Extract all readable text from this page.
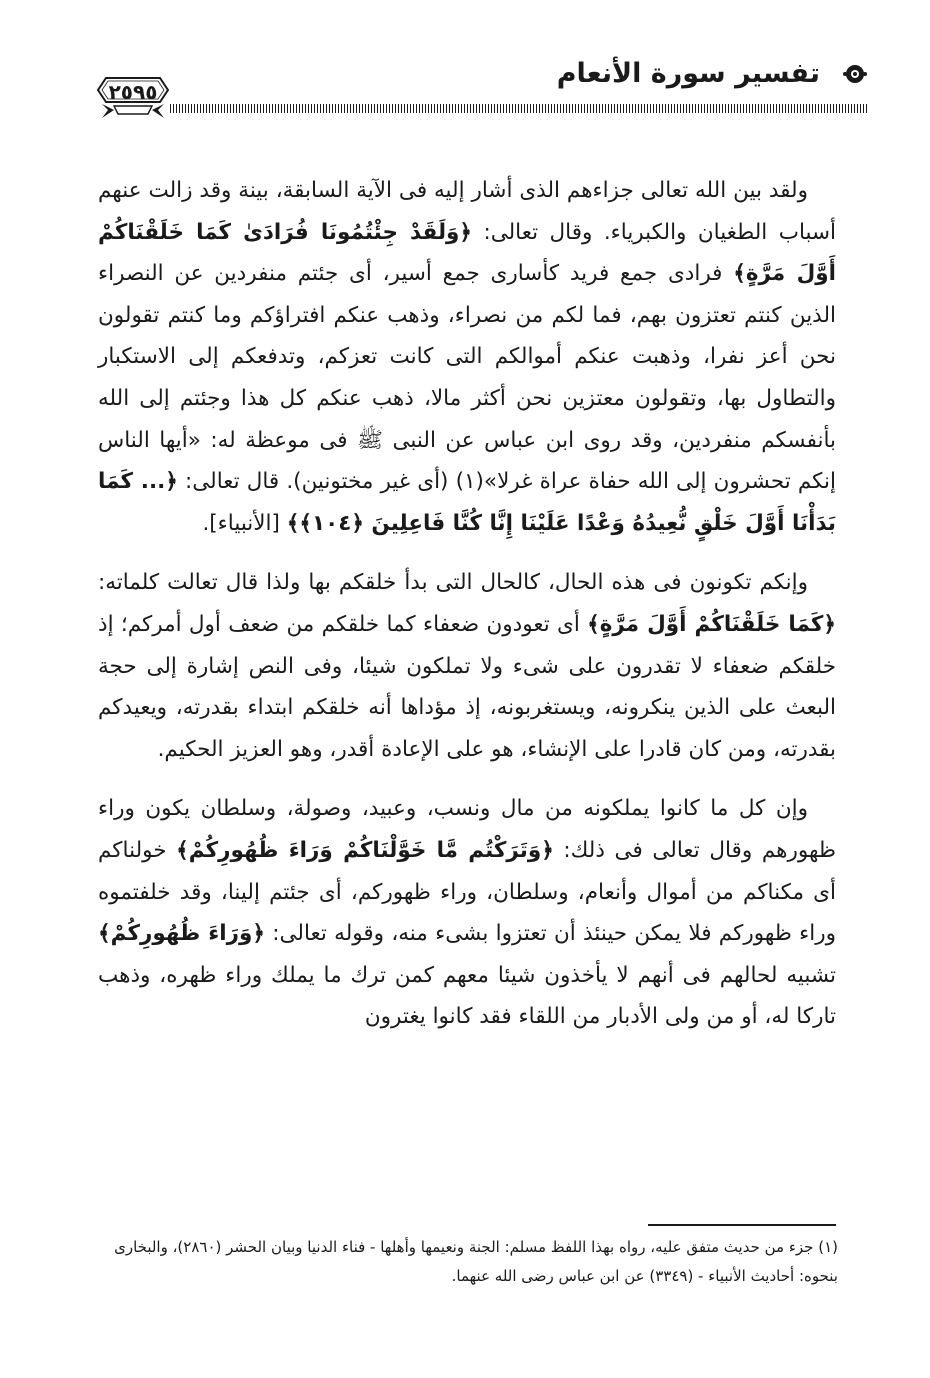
تفسير سورة الأنعام
٢٥٩٥

ولقد بين الله تعالى جزاءهم الذى أشار إليه فى الآية السابقة، بينة وقد زالت عنهم أسباب الطغيان والكبرياء. وقال تعالى: ﴿وَلَقَدْ جِئْتُمُونَا فُرَادَىٰ كَمَا خَلَقْنَاكُمْ أَوَّلَ مَرَّةٍ﴾ فرادى جمع فريد كأسارى جمع أسير، أى جئتم منفردين عن النصراء الذين كنتم تعتزون بهم، فما لكم من نصراء، وذهب عنكم افتراؤكم وما كنتم تقولون نحن أعز نفرا، وذهبت عنكم أموالكم التى كانت تعزكم، وتدفعكم إلى الاستكبار والتطاول بها، وتقولون معتزين نحن أكثر مالا، ذهب عنكم كل هذا وجئتم إلى الله بأنفسكم منفردين، وقد روى ابن عباس عن النبى ﷺ فى موعظة له: «أيها الناس إنكم تحشرون إلى الله حفاة عراة غرلا»(١) (أى غير مختونين). قال تعالى: ﴿... كَمَا بَدَأْنَا أَوَّلَ خَلْقٍ نُّعِيدُهُ وَعْدًا عَلَيْنَا إِنَّا كُنَّا فَاعِلِينَ ﴿١٠٤﴾﴾ [الأنبياء].

وإنكم تكونون فى هذه الحال، كالحال التى بدأ خلقكم بها ولذا قال تعالت كلماته: ﴿كَمَا خَلَقْنَاكُمْ أَوَّلَ مَرَّةٍ﴾ أى تعودون ضعفاء كما خلقكم من ضعف أول أمركم؛ إذ خلقكم ضعفاء لا تقدرون على شىء ولا تملكون شيئا، وفى النص إشارة إلى حجة البعث على الذين ينكرونه، ويستغربونه، إذ مؤداها أنه خلقكم ابتداء بقدرته، ويعيدكم بقدرته، ومن كان قادرا على الإنشاء، هو على الإعادة أقدر، وهو العزيز الحكيم.

وإن كل ما كانوا يملكونه من مال ونسب، وعبيد، وصولة، وسلطان يكون وراء ظهورهم وقال تعالى فى ذلك: ﴿وَتَرَكْتُم مَّا خَوَّلْنَاكُمْ وَرَاءَ ظُهُورِكُمْ﴾ خولناكم أى مكناكم من أموال وأنعام، وسلطان، وراء ظهوركم، أى جئتم إلينا، وقد خلفتموه وراء ظهوركم فلا يمكن حينئذ أن تعتزوا بشىء منه، وقوله تعالى: ﴿وَرَاءَ ظُهُورِكُمْ﴾ تشبيه لحالهم فى أنهم لا يأخذون شيئا معهم كمن ترك ما يملك وراء ظهره، وذهب تاركا له، أو من ولى الأدبار من اللقاء فقد كانوا يغترون

(١) جزء من حديث متفق عليه، رواه بهذا اللفظ مسلم: الجنة ونعيمها وأهلها - فناء الدنيا وبيان الحشر (٢٨٦٠)، والبخارى بنحوه: أحاديث الأنبياء - (٣٣٤٩) عن ابن عباس رضى الله عنهما.
